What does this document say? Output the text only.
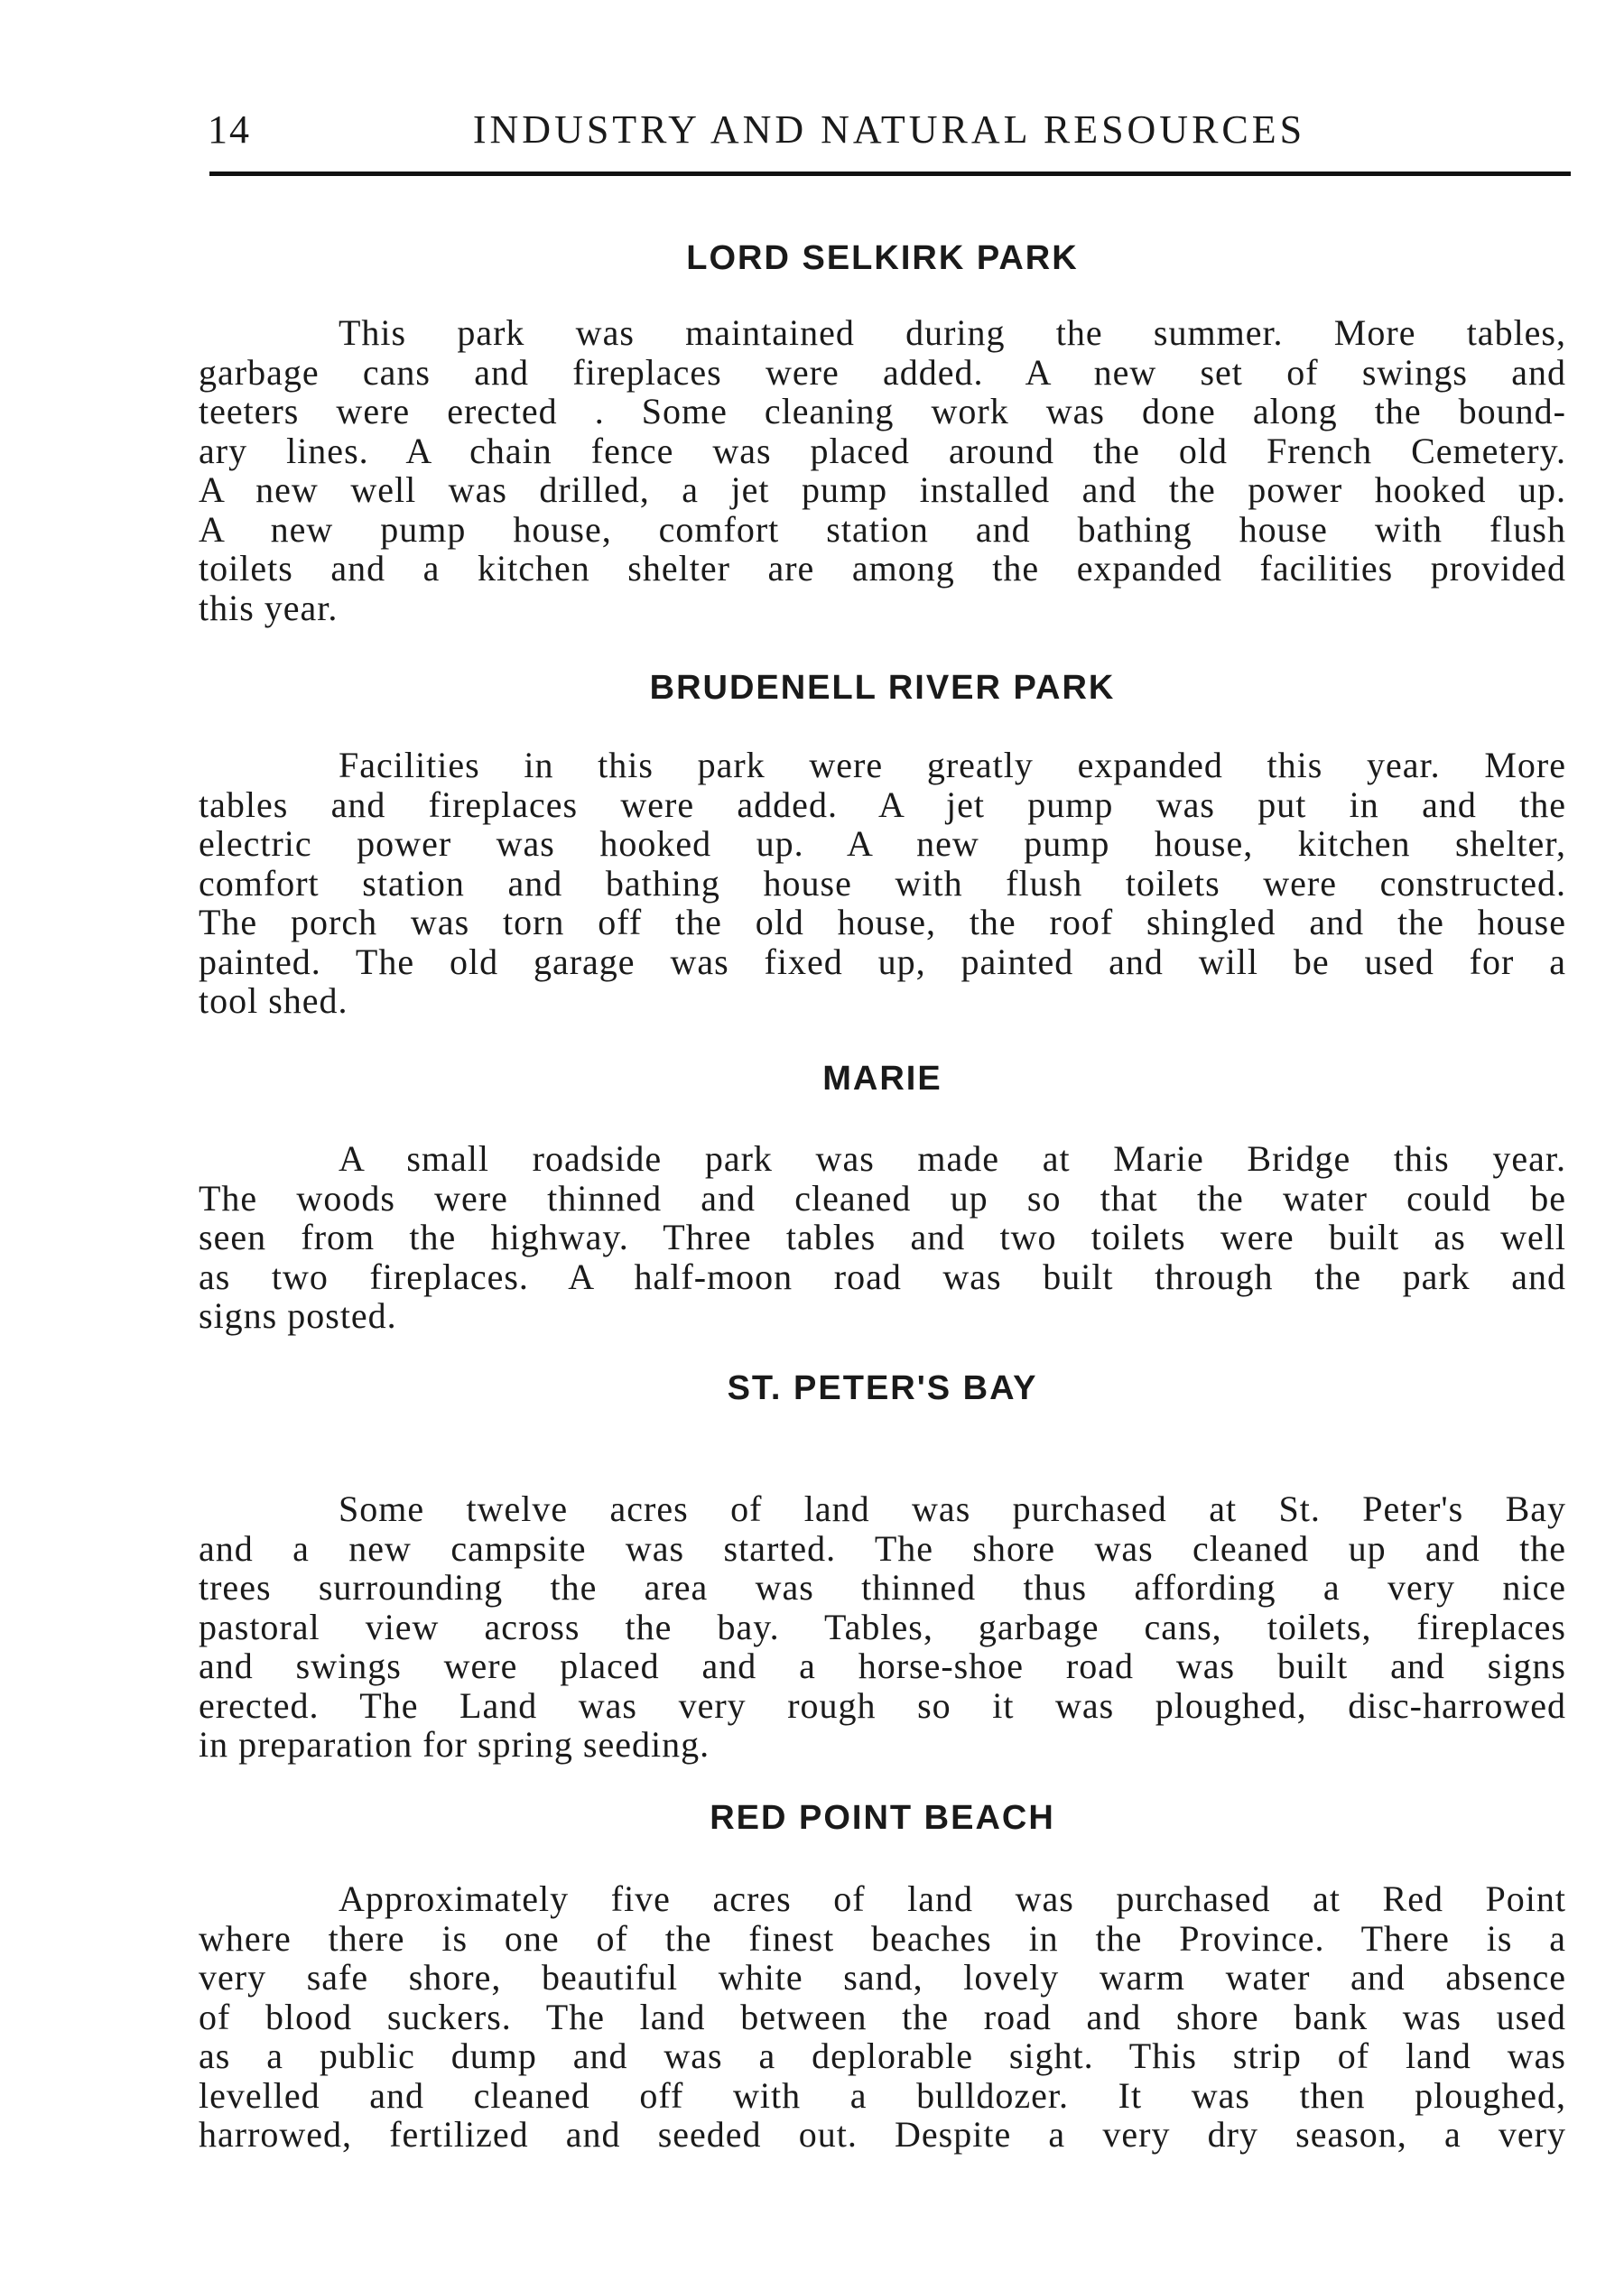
14	INDUSTRY AND NATURAL RESOURCES
LORD SELKIRK PARK
This park was maintained during the summer. More tables,
garbage cans and fireplaces were added. A new set of swings and
teeters were erected . Some cleaning work was done along the bound-
ary lines. A chain fence was placed around the old French Cemetery.
A new well was drilled, a jet pump installed and the power hooked up.
A new pump house, comfort station and bathing house with flush
toilets and a kitchen shelter are among the expanded facilities provided
this year.
BRUDENELL RIVER PARK
Facilities in this park were greatly expanded this year. More
tables and fireplaces were added. A jet pump was put in and the
electric power was hooked up. A new pump house, kitchen shelter,
comfort station and bathing house with flush toilets were constructed.
The porch was torn off the old house, the roof shingled and the house
painted. The old garage was fixed up, painted and will be used for a
tool shed.
MARIE
A small roadside park was made at Marie Bridge this year.
The woods were thinned and cleaned up so that the water could be
seen from the highway. Three tables and two toilets were built as well
as two fireplaces. A half-moon road was built through the park and
signs posted.
ST. PETER'S BAY
Some twelve acres of land was purchased at St. Peter's Bay
and a new campsite was started. The shore was cleaned up and the
trees surrounding the area was thinned thus affording a very nice
pastoral view across the bay. Tables, garbage cans, toilets, fireplaces
and swings were placed and a horse-shoe road was built and signs
erected. The Land was very rough so it was ploughed, disc-harrowed
in preparation for spring seeding.
RED POINT BEACH
Approximately five acres of land was purchased at Red Point
where there is one of the finest beaches in the Province. There is a
very safe shore, beautiful white sand, lovely warm water and absence
of blood suckers. The land between the road and shore bank was used
as a public dump and was a deplorable sight. This strip of land was
levelled and cleaned off with a bulldozer. It was then ploughed,
harrowed, fertilized and seeded out. Despite a very dry season, a very
